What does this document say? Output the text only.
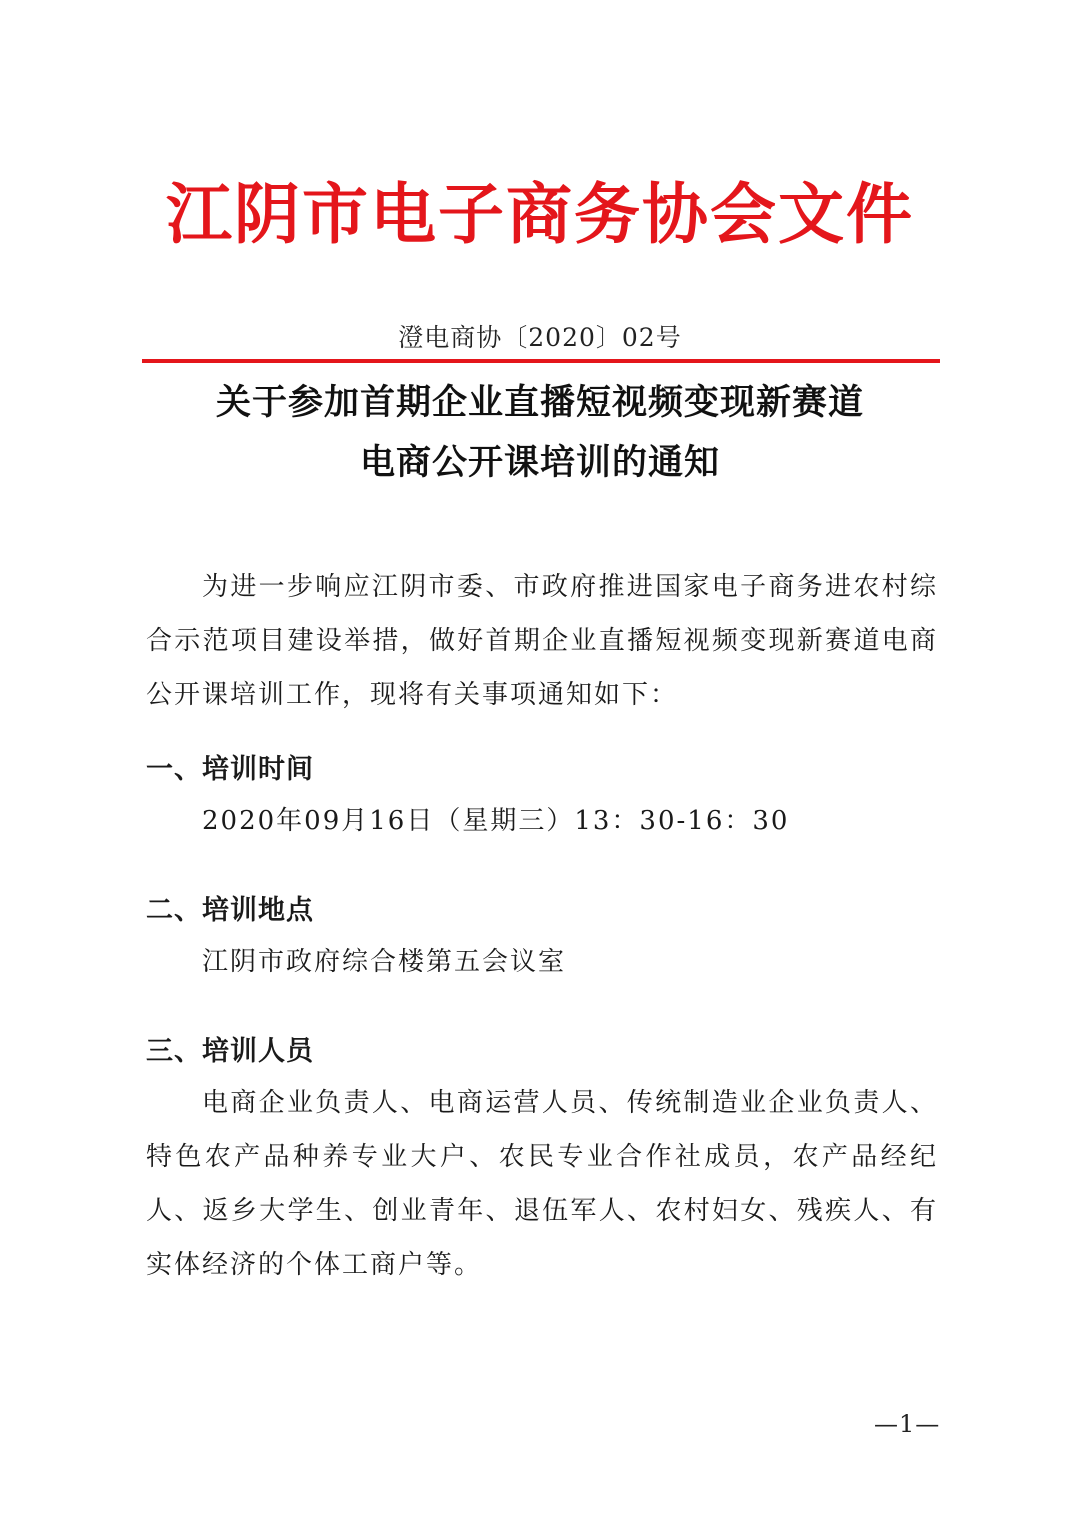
江阴市电子商务协会文件
澄电商协〔2020〕02号
关于参加首期企业直播短视频变现新赛道
电商公开课培训的通知

为进一步响应江阴市委、市政府推进国家电子商务进农村综合示范项目建设举措，做好首期企业直播短视频变现新赛道电商公开课培训工作，现将有关事项通知如下：

一、培训时间

2020年09月16日（星期三）13：30-16：30

二、培训地点

江阴市政府综合楼第五会议室

三、培训人员

电商企业负责人、电商运营人员、传统制造业企业负责人、特色农产品种养专业大户、农民专业合作社成员，农产品经纪人、返乡大学生、创业青年、退伍军人、农村妇女、残疾人、有实体经济的个体工商户等。

—1—
